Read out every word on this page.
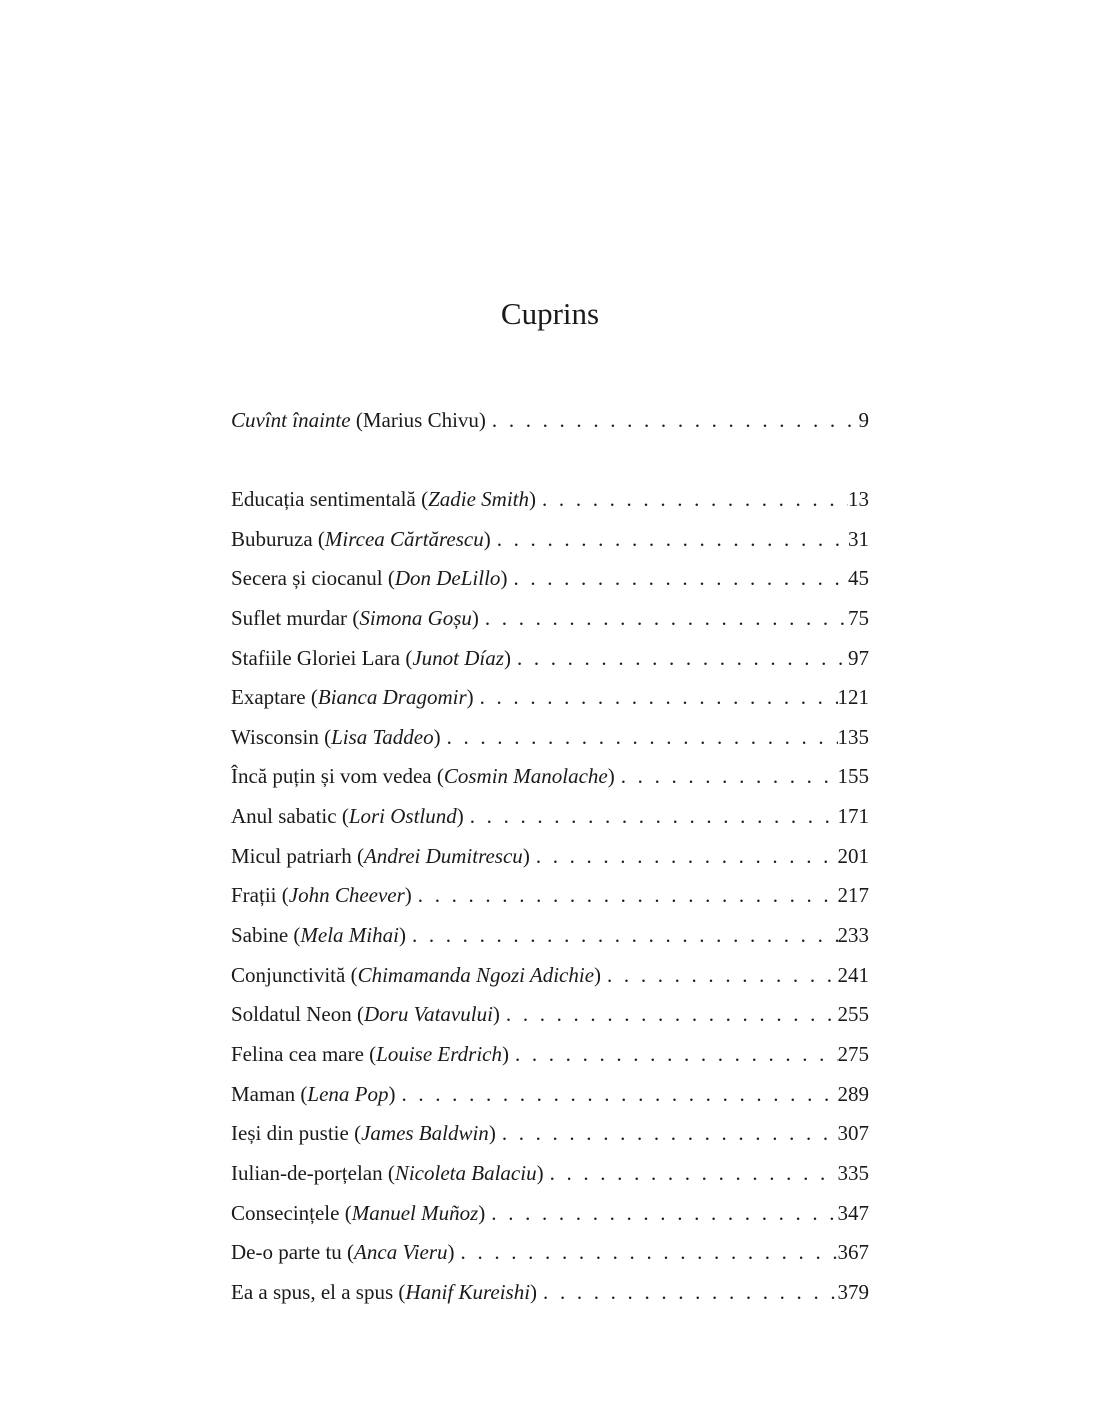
Cuprins
Cuvînt înainte (Marius Chivu) . . .	9
Educația sentimentală (Zadie Smith) . . .	13
Buburuza (Mircea Cărtărescu) . . .	31
Secera și ciocanul (Don DeLillo) . . .	45
Suflet murdar (Simona Goșu) . . .	75
Stafiile Gloriei Lara (Junot Díaz) . . .	97
Exaptare (Bianca Dragomir) . . .	121
Wisconsin (Lisa Taddeo) . . .	135
Încă puțin și vom vedea (Cosmin Manolache) . . .	155
Anul sabatic (Lori Ostlund) . . .	171
Micul patriarh (Andrei Dumitrescu) . . .	201
Frații (John Cheever) . . .	217
Sabine (Mela Mihai) . . .	233
Conjunctivită (Chimamanda Ngozi Adichie) . . .	241
Soldatul Neon (Doru Vatavului) . . .	255
Felina cea mare (Louise Erdrich) . . .	275
Maman (Lena Pop) . . .	289
Ieși din pustie (James Baldwin) . . .	307
Iulian-de-porțelan (Nicoleta Balaciu) . . .	335
Consecințele (Manuel Muñoz) . . .	347
De-o parte tu (Anca Vieru) . . .	367
Ea a spus, el a spus (Hanif Kureishi) . . .	379
